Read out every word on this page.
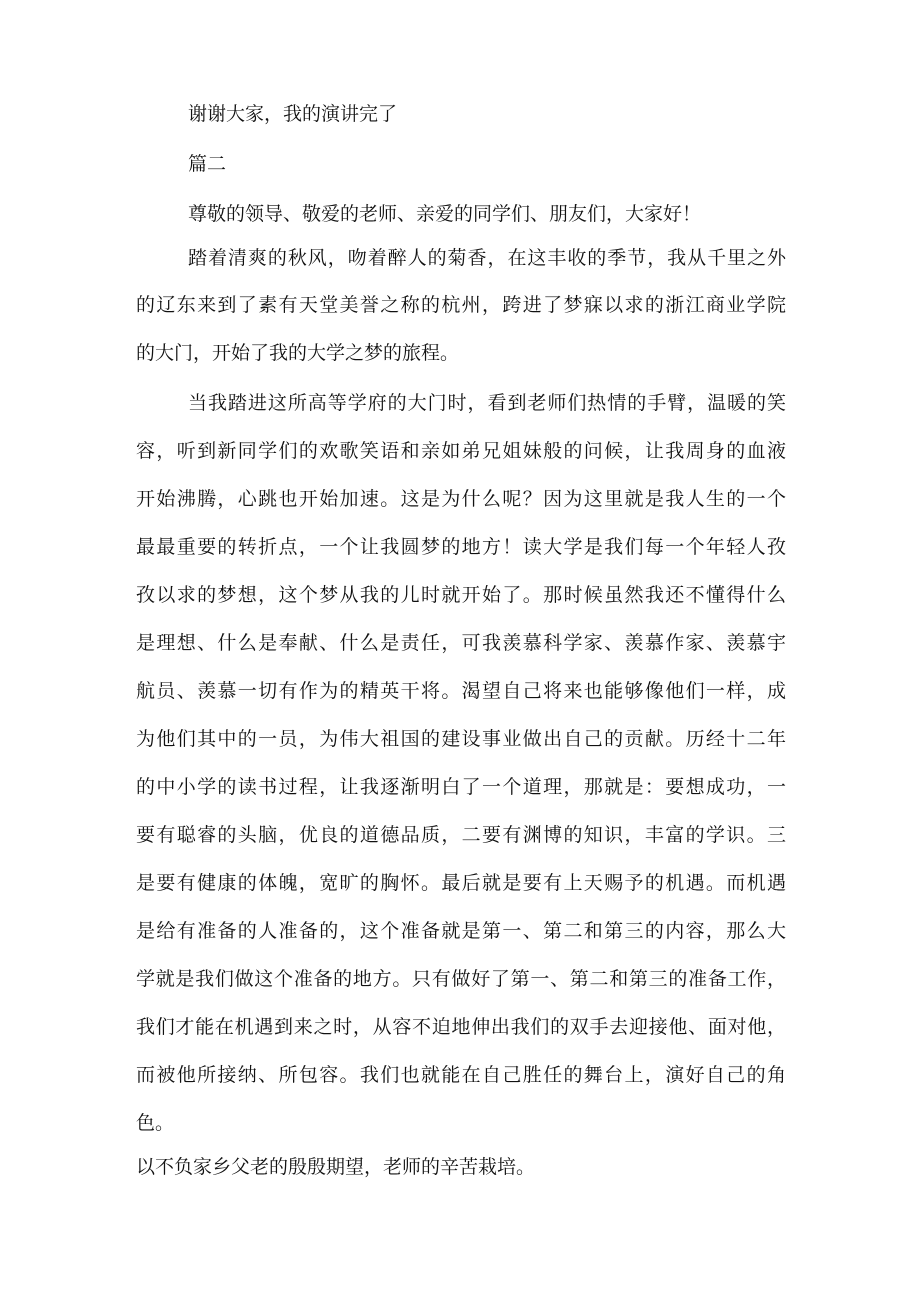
谢谢大家，我的演讲完了
篇二
尊敬的领导、敬爱的老师、亲爱的同学们、朋友们，大家好！
踏着清爽的秋风，吻着醉人的菊香，在这丰收的季节，我从千里之外
的辽东来到了素有天堂美誉之称的杭州，跨进了梦寐以求的浙江商业学院
的大门，开始了我的大学之梦的旅程。
当我踏进这所高等学府的大门时，看到老师们热情的手臂，温暖的笑
容，听到新同学们的欢歌笑语和亲如弟兄姐妹般的问候，让我周身的血液
开始沸腾，心跳也开始加速。这是为什么呢？因为这里就是我人生的一个
最最重要的转折点，一个让我圆梦的地方！读大学是我们每一个年轻人孜
孜以求的梦想，这个梦从我的儿时就开始了。那时候虽然我还不懂得什么
是理想、什么是奉献、什么是责任，可我羡慕科学家、羡慕作家、羡慕宇
航员、羡慕一切有作为的精英干将。渴望自己将来也能够像他们一样，成
为他们其中的一员，为伟大祖国的建设事业做出自己的贡献。历经十二年
的中小学的读书过程，让我逐渐明白了一个道理，那就是：要想成功，一
要有聪睿的头脑，优良的道德品质，二要有渊博的知识，丰富的学识。三
是要有健康的体魄，宽旷的胸怀。最后就是要有上天赐予的机遇。而机遇
是给有准备的人准备的，这个准备就是第一、第二和第三的内容，那么大
学就是我们做这个准备的地方。只有做好了第一、第二和第三的准备工作，
我们才能在机遇到来之时，从容不迫地伸出我们的双手去迎接他、面对他，
而被他所接纳、所包容。我们也就能在自己胜任的舞台上，演好自己的角
色。
以不负家乡父老的殷殷期望，老师的辛苦栽培。
